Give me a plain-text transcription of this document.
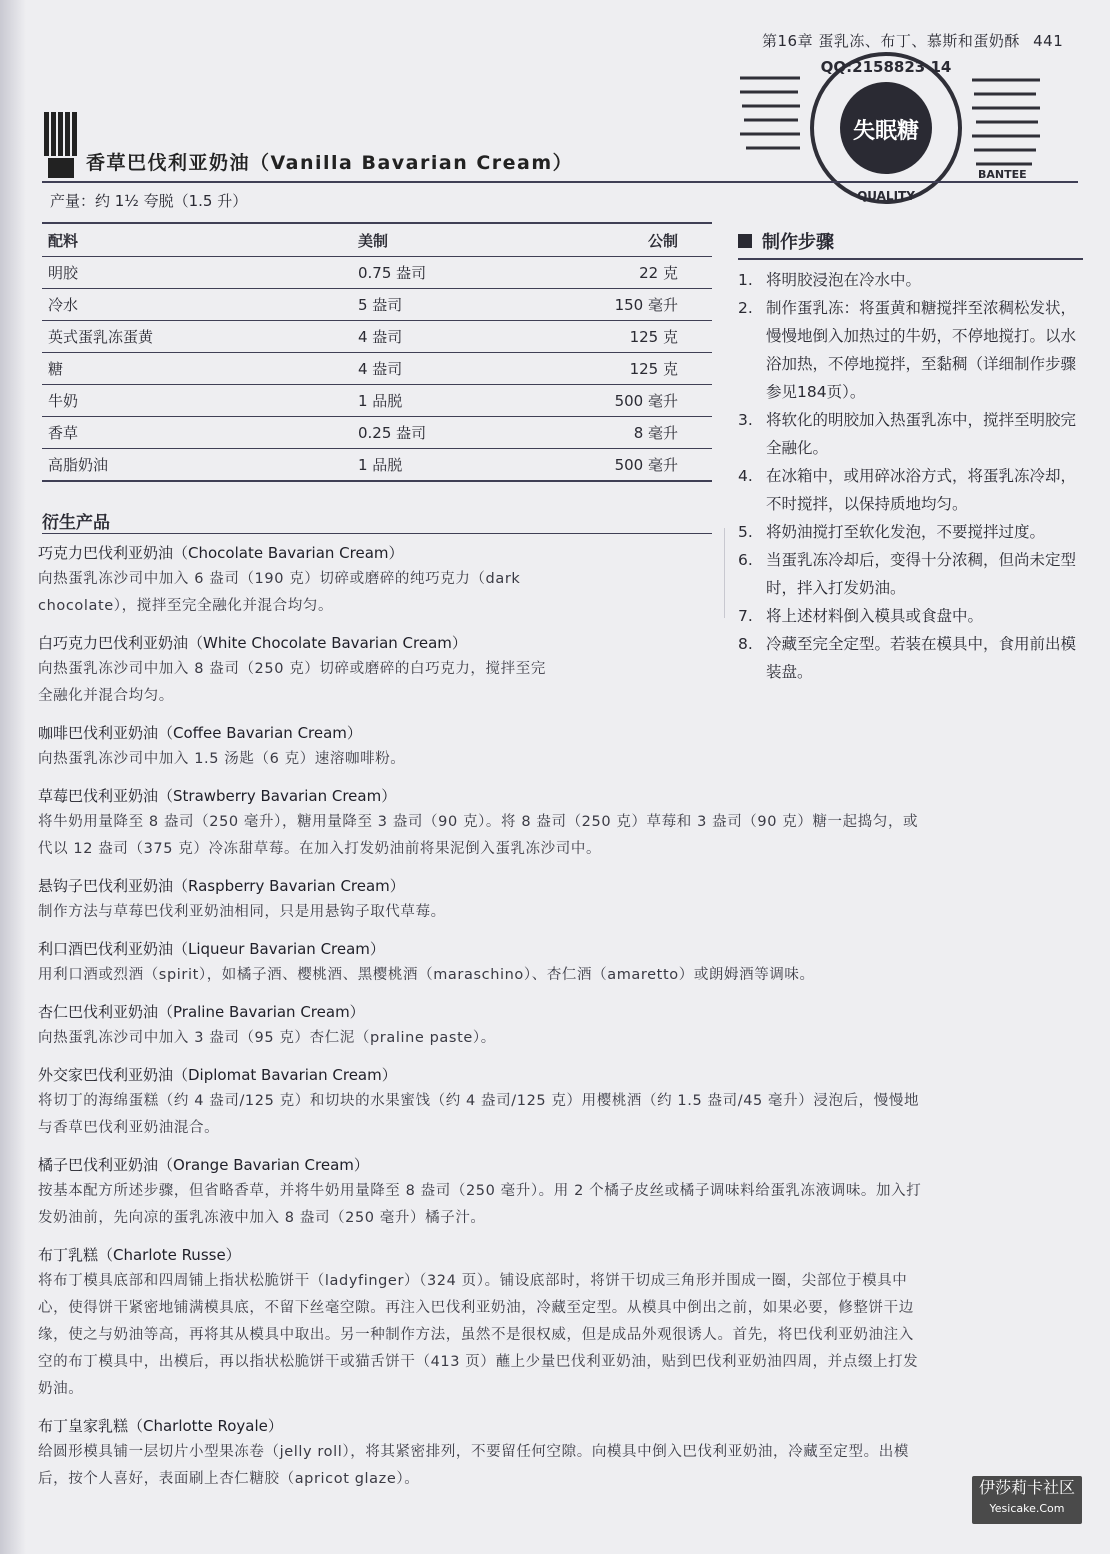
第16章 蛋乳冻、布丁、慕斯和蛋奶酥 441
QQ:2158823 14
失眠糖
BANTEE
QUALITY
香草巴伐利亚奶油（Vanilla Bavarian Cream）
产量：约 1½ 夸脱（1.5 升）
配料	美制	公制
明胶	0.75 盎司	22 克
冷水	5 盎司	150 毫升
英式蛋乳冻蛋黄	4 盎司	125 克
糖	4 盎司	125 克
牛奶	1 品脱	500 毫升
香草	0.25 盎司	8 毫升
高脂奶油	1 品脱	500 毫升
制作步骤
1. 将明胶浸泡在冷水中。
2. 制作蛋乳冻：将蛋黄和糖搅拌至浓稠松发状，慢慢地倒入加热过的牛奶，不停地搅打。以水浴加热，不停地搅拌，至黏稠（详细制作步骤参见184页）。
3. 将软化的明胶加入热蛋乳冻中，搅拌至明胶完全融化。
4. 在冰箱中，或用碎冰浴方式，将蛋乳冻冷却，不时搅拌，以保持质地均匀。
5. 将奶油搅打至软化发泡，不要搅拌过度。
6. 当蛋乳冻冷却后，变得十分浓稠，但尚未定型时，拌入打发奶油。
7. 将上述材料倒入模具或食盘中。
8. 冷藏至完全定型。若装在模具中，食用前出模装盘。
衍生产品
巧克力巴伐利亚奶油（Chocolate Bavarian Cream）
向热蛋乳冻沙司中加入 6 盎司（190 克）切碎或磨碎的纯巧克力（dark chocolate），搅拌至完全融化并混合均匀。
白巧克力巴伐利亚奶油（White Chocolate Bavarian Cream）
向热蛋乳冻沙司中加入 8 盎司（250 克）切碎或磨碎的白巧克力，搅拌至完全融化并混合均匀。
咖啡巴伐利亚奶油（Coffee Bavarian Cream）
向热蛋乳冻沙司中加入 1.5 汤匙（6 克）速溶咖啡粉。
草莓巴伐利亚奶油（Strawberry Bavarian Cream）
将牛奶用量降至 8 盎司（250 毫升），糖用量降至 3 盎司（90 克）。将 8 盎司（250 克）草莓和 3 盎司（90 克）糖一起捣匀，或代以 12 盎司（375 克）冷冻甜草莓。在加入打发奶油前将果泥倒入蛋乳冻沙司中。
悬钩子巴伐利亚奶油（Raspberry Bavarian Cream）
制作方法与草莓巴伐利亚奶油相同，只是用悬钩子取代草莓。
利口酒巴伐利亚奶油（Liqueur Bavarian Cream）
用利口酒或烈酒（spirit），如橘子酒、樱桃酒、黑樱桃酒（maraschino）、杏仁酒（amaretto）或朗姆酒等调味。
杏仁巴伐利亚奶油（Praline Bavarian Cream）
向热蛋乳冻沙司中加入 3 盎司（95 克）杏仁泥（praline paste）。
外交家巴伐利亚奶油（Diplomat Bavarian Cream）
将切丁的海绵蛋糕（约 4 盎司/125 克）和切块的水果蜜饯（约 4 盎司/125 克）用樱桃酒（约 1.5 盎司/45 毫升）浸泡后，慢慢地与香草巴伐利亚奶油混合。
橘子巴伐利亚奶油（Orange Bavarian Cream）
按基本配方所述步骤，但省略香草，并将牛奶用量降至 8 盎司（250 毫升）。用 2 个橘子皮丝或橘子调味料给蛋乳冻液调味。加入打发奶油前，先向凉的蛋乳冻液中加入 8 盎司（250 毫升）橘子汁。
布丁乳糕（Charlote Russe）
将布丁模具底部和四周铺上指状松脆饼干（ladyfinger）（324 页）。铺设底部时，将饼干切成三角形并围成一圈，尖部位于模具中心，使得饼干紧密地铺满模具底，不留下丝毫空隙。再注入巴伐利亚奶油，冷藏至定型。从模具中倒出之前，如果必要，修整饼干边缘，使之与奶油等高，再将其从模具中取出。另一种制作方法，虽然不是很权威，但是成品外观很诱人。首先，将巴伐利亚奶油注入空的布丁模具中，出模后，再以指状松脆饼干或猫舌饼干（413 页）蘸上少量巴伐利亚奶油，贴到巴伐利亚奶油四周，并点缀上打发奶油。
布丁皇家乳糕（Charlotte Royale）
给圆形模具铺一层切片小型果冻卷（jelly roll），将其紧密排列，不要留任何空隙。向模具中倒入巴伐利亚奶油，冷藏至定型。出模后，按个人喜好，表面刷上杏仁糖胶（apricot glaze）。	伊莎莉卡社区
Yesicake.Com
